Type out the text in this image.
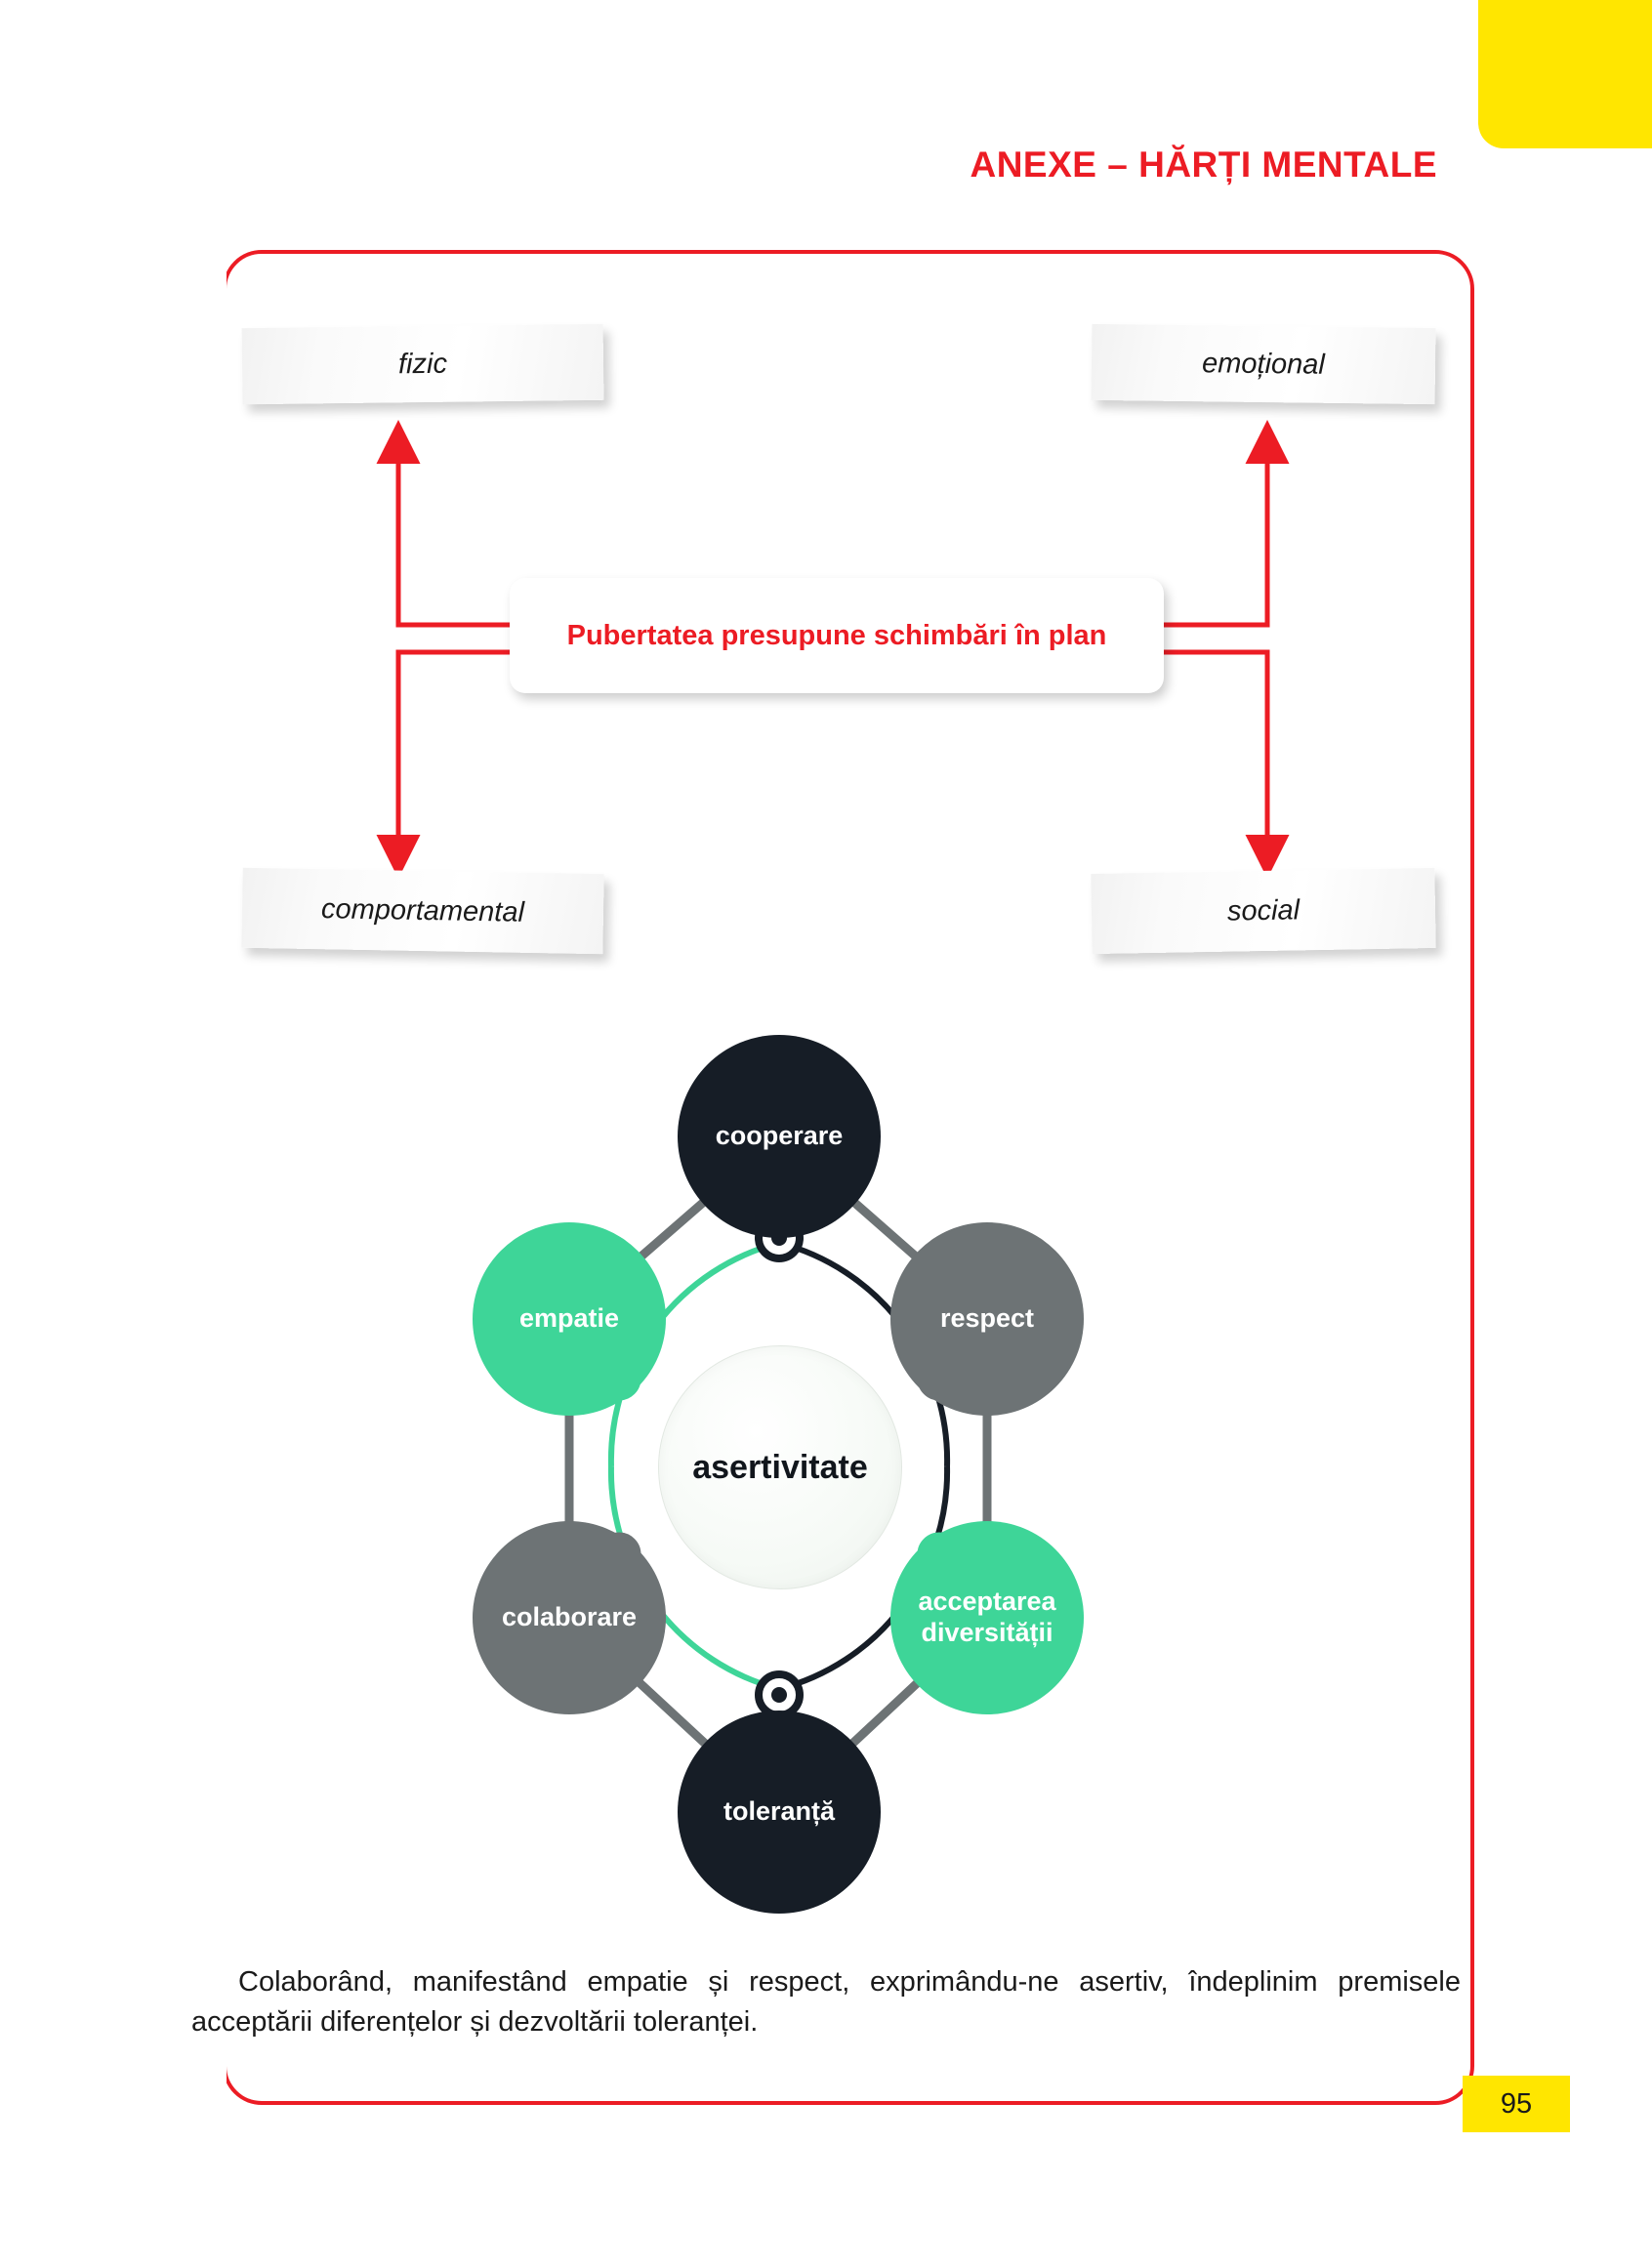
ANEXE – HĂRȚI MENTALE
fizic	emoțional
comportamental	social
Pubertatea presupune schimbări în plan
cooperare
respect
acceptarea diversității
toleranță
colaborare
empatie
asertivitate
Colaborând, manifestând empatie și respect, exprimându-ne asertiv, îndeplinim premisele acceptării diferențelor și dezvoltării toleranței.
95
